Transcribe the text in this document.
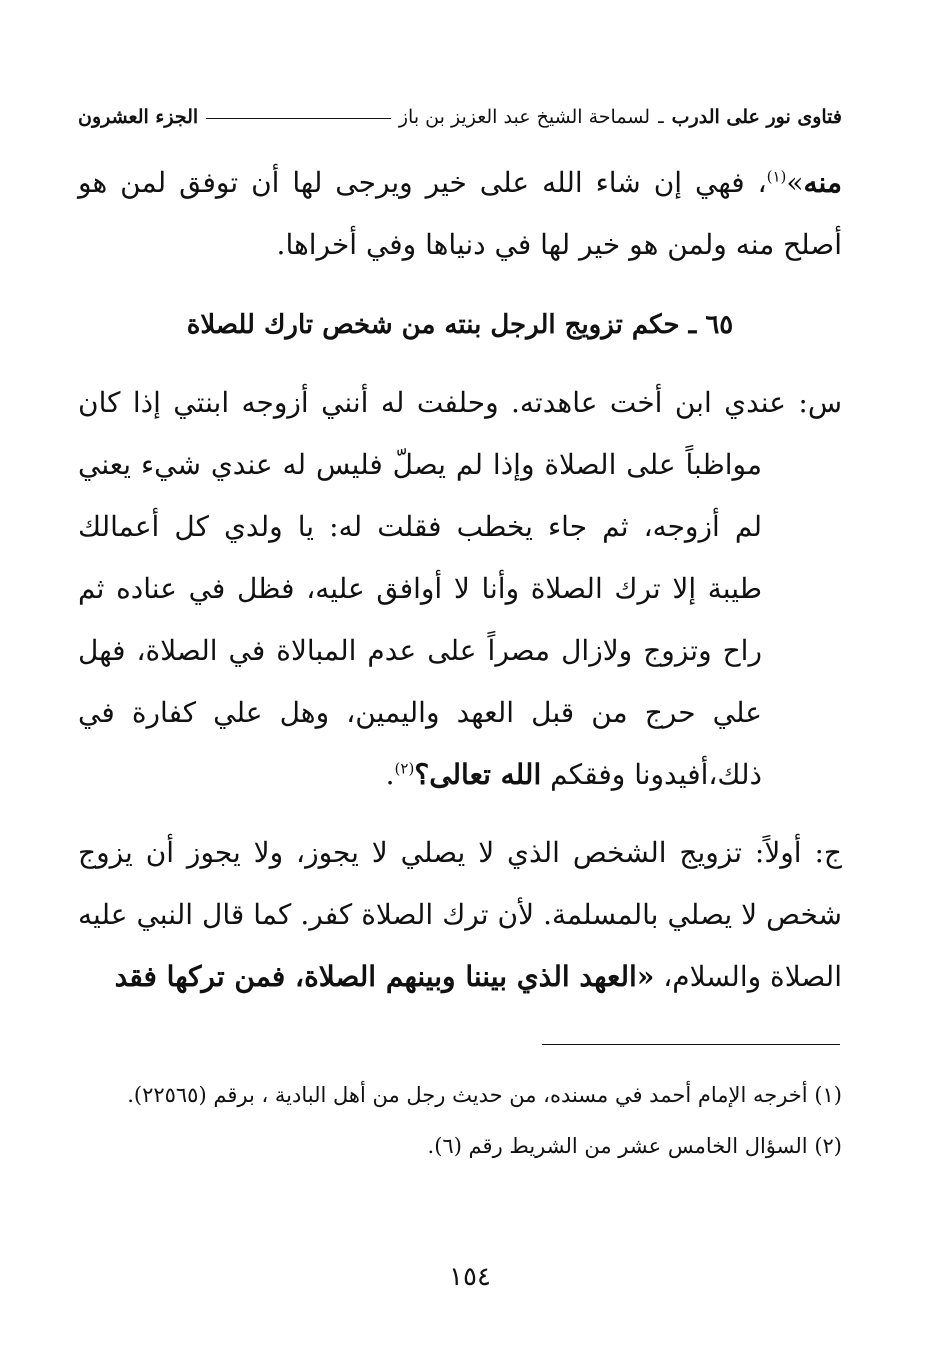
فتاوى نور على الدرب
ـ
لسماحة الشيخ عبد العزيز بن باز
الجزء العشرون
منه»$^{(١)}$، فهي إن شاء الله على خير ويرجى لها أن توفق لمن هو أصلح منه ولمن هو خير لها في دنياها وفي أخراها.
٦٥ ـ حكم تزويج الرجل بنته من شخص تارك للصلاة
س: عندي ابن أخت عاهدته. وحلفت له أنني أزوجه ابنتي إذا كان مواظباً على الصلاة وإذا لم يصلّ فليس له عندي شيء يعني لم أزوجه، ثم جاء يخطب فقلت له: يا ولدي كل أعمالك طيبة إلا ترك الصلاة وأنا لا أوافق عليه، فظل في عناده ثم راح وتزوج ولازال مصراً على عدم المبالاة في الصلاة، فهل علي حرج من قبل العهد واليمين، وهل علي كفارة في ذلك،أفيدونا وفقكم الله تعالى؟$^{(٢)}$.
ج: أولاً: تزويج الشخص الذي لا يصلي لا يجوز، ولا يجوز أن يزوج شخص لا يصلي بالمسلمة. لأن ترك الصلاة كفر. كما قال النبي عليه الصلاة والسلام، «العهد الذي بيننا وبينهم الصلاة، فمن تركها فقد
(١) أخرجه الإمام أحمد في مسنده، من حديث رجل من أهل البادية ، برقم (٢٢٥٦٥).
(٢) السؤال الخامس عشر من الشريط رقم (٦).
١٥٤
